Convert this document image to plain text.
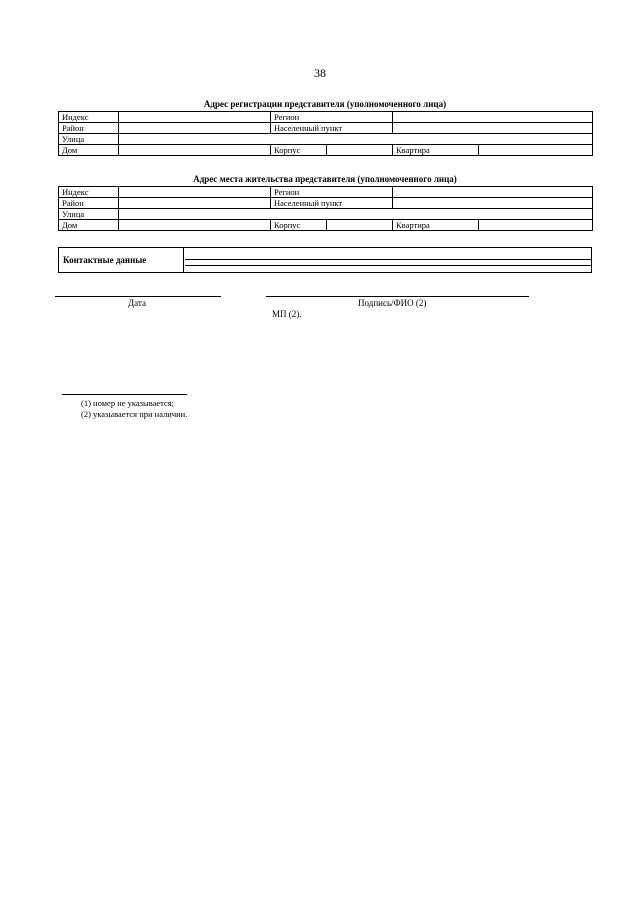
38
Адрес регистрации представителя (уполномоченного лица)
Индекс		Регион			
Район		Населенный пункт			
Улица					
Дом		Корпус		Квартира	
Адрес места жительства представителя (уполномоченного лица)
Индекс		Регион			
Район		Населенный пункт			
Улица					
Дом		Корпус		Квартира	
Контактные данные
Дата	Подпись/ФИО (2)
МП (2).
(1) номер не указывается;
(2) указывается при наличии.
